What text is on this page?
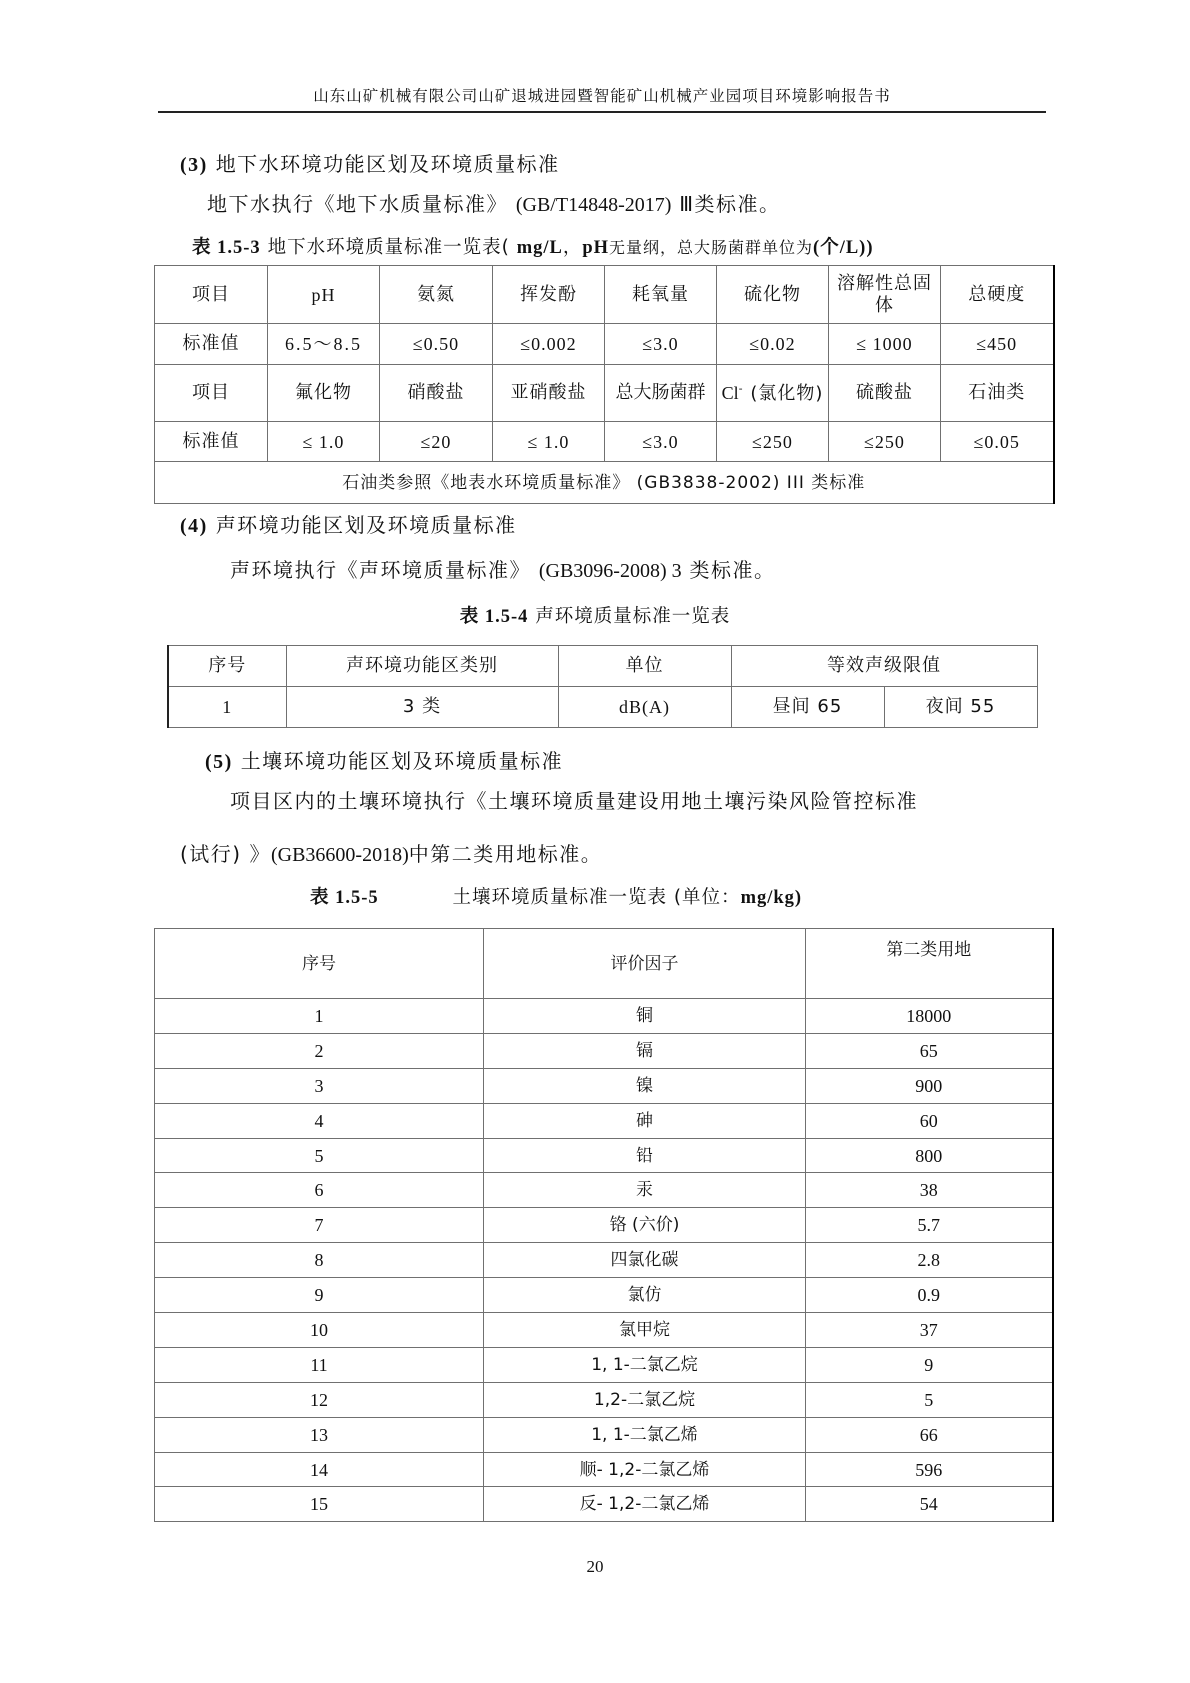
山东山矿机械有限公司山矿退城进园暨智能矿山机械产业园项目环境影响报告书
(3) 地下水环境功能区划及环境质量标准
地下水执行《地下水质量标准》 (GB/T14848-2017) Ⅲ类标准。
表 1.5-3 地下水环境质量标准一览表( mg/L，pH无量纲，总大肠菌群单位为(个/L))
项目	pH	氨氮	挥发酚	耗氧量	硫化物	溶解性总固体	总硬度
标准值	6.5～8.5	≤0.50	≤0.002	≤3.0	≤0.02	≤ 1000	≤450
项目	氟化物	硝酸盐	亚硝酸盐	总大肠菌群	Cl- (氯化物)	硫酸盐	石油类
标准值	≤ 1.0	≤20	≤ 1.0	≤3.0	≤250	≤250	≤0.05
石油类参照《地表水环境质量标准》 (GB3838-2002) III 类标准							
(4) 声环境功能区划及环境质量标准
声环境执行《声环境质量标准》 (GB3096-2008) 3 类标准。
表 1.5-4 声环境质量标准一览表
序号	声环境功能区类别	单位	等效声级限值	
1	3 类	dB(A)	昼间 65	夜间 55
(5) 土壤环境功能区划及环境质量标准
项目区内的土壤环境执行《土壤环境质量建设用地土壤污染风险管控标准
(试行) 》(GB36600-2018)中第二类用地标准。
表 1.5-5	土壤环境质量标准一览表 (单位：mg/kg)
序号	评价因子	第二类用地
1	铜	18000
2	镉	65
3	镍	900
4	砷	60
5	铅	800
6	汞	38
7	铬 (六价)	5.7
8	四氯化碳	2.8
9	氯仿	0.9
10	氯甲烷	37
11	1, 1-二氯乙烷	9
12	1,2-二氯乙烷	5
13	1, 1-二氯乙烯	66
14	顺- 1,2-二氯乙烯	596
15	反- 1,2-二氯乙烯	54
20
